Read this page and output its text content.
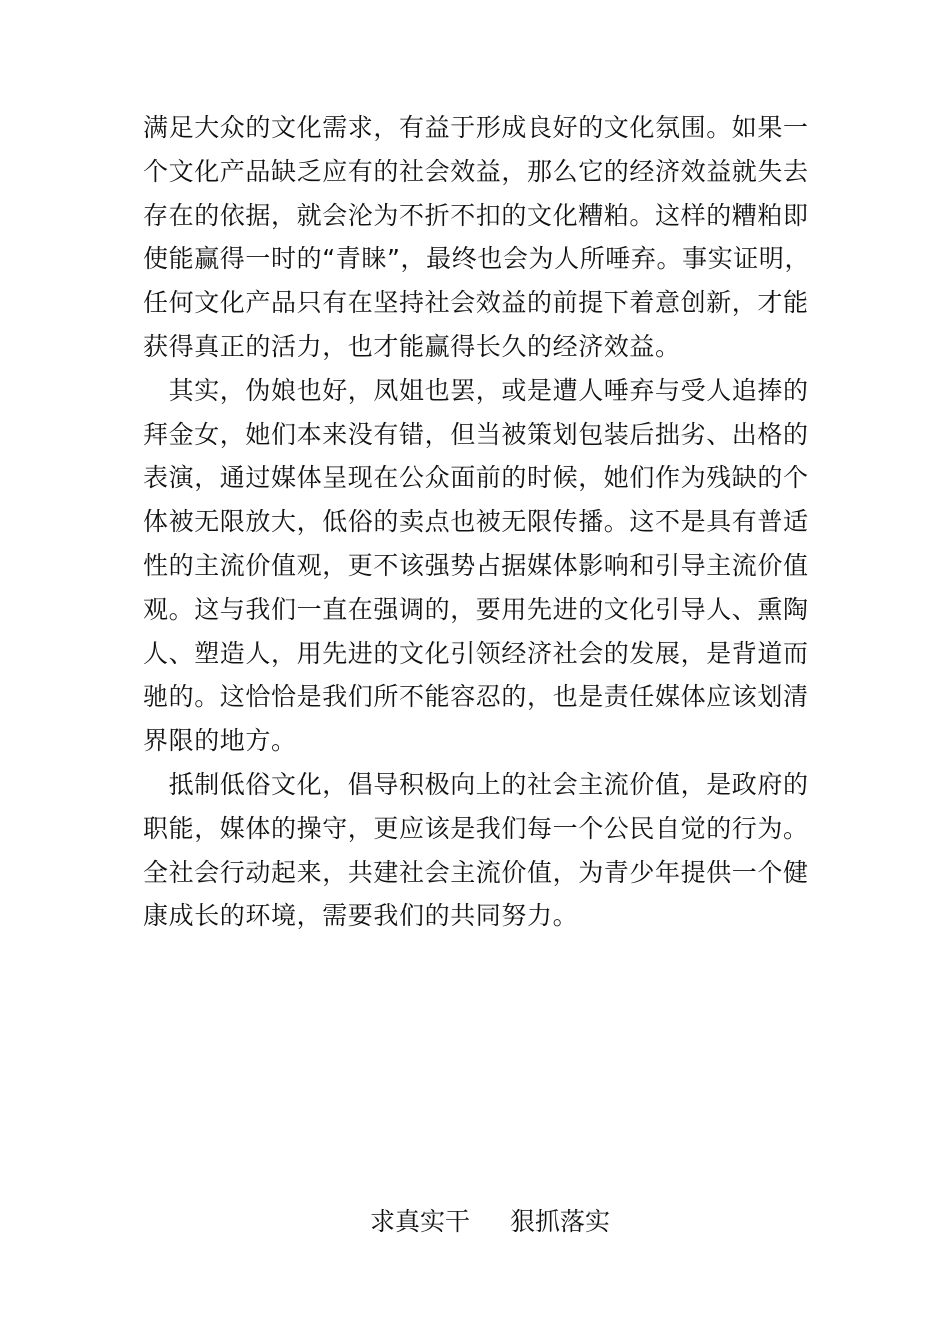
满足大众的文化需求，有益于形成良好的文化氛围。如果一
个文化产品缺乏应有的社会效益，那么它的经济效益就失去
存在的依据，就会沦为不折不扣的文化糟粕。这样的糟粕即
使能赢得一时的“青睐”，最终也会为人所唾弃。事实证明，
任何文化产品只有在坚持社会效益的前提下着意创新，才能
获得真正的活力，也才能赢得长久的经济效益。
　其实，伪娘也好，凤姐也罢，或是遭人唾弃与受人追捧的
拜金女，她们本来没有错，但当被策划包装后拙劣、出格的
表演，通过媒体呈现在公众面前的时候，她们作为残缺的个
体被无限放大，低俗的卖点也被无限传播。这不是具有普适
性的主流价值观，更不该强势占据媒体影响和引导主流价值
观。这与我们一直在强调的，要用先进的文化引导人、熏陶
人、塑造人，用先进的文化引领经济社会的发展，是背道而
驰的。这恰恰是我们所不能容忍的，也是责任媒体应该划清
界限的地方。
　抵制低俗文化，倡导积极向上的社会主流价值，是政府的
职能，媒体的操守，更应该是我们每一个公民自觉的行为。
全社会行动起来，共建社会主流价值，为青少年提供一个健
康成长的环境，需要我们的共同努力。
求真实干 狠抓落实
